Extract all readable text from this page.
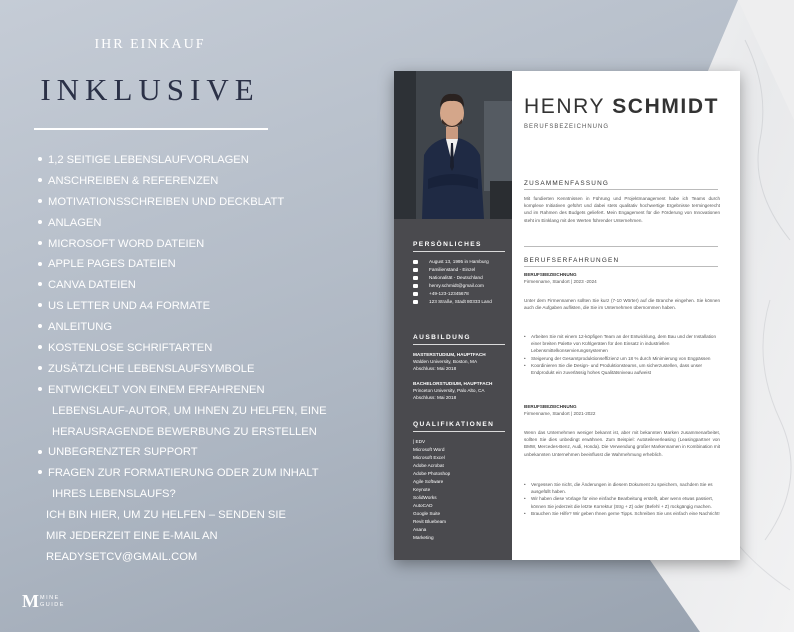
IHR EINKAUF
INKLUSIVE
1,2 SEITIGE LEBENSLAUFVORLAGEN
ANSCHREIBEN & REFERENZEN
MOTIVATIONSSCHREIBEN UND DECKBLATT
ANLAGEN
MICROSOFT WORD DATEIEN
APPLE PAGES DATEIEN
CANVA DATEIEN
US LETTER UND A4 FORMATE
ANLEITUNG
KOSTENLOSE SCHRIFTARTEN
ZUSÄTZLICHE LEBENSLAUFSYMBOLE
ENTWICKELT VON EINEM ERFAHRENEN
LEBENSLAUF-AUTOR, UM IHNEN ZU HELFEN, EINE
HERAUSRAGENDE BEWERBUNG ZU ERSTELLEN
UNBEGRENZTER SUPPORT
FRAGEN ZUR FORMATIERUNG ODER ZUM INHALT
IHRES LEBENSLAUFS?
ICH BIN HIER, UM ZU HELFEN – SENDEN SIE
MIR JEDERZEIT EINE E-MAIL AN
READYSETCV@GMAIL.COM
M MINE
GUIDE
PERSÖNLICHES
August 13, 1995 in Hamburg
Familienstand - Einzel
Nationalität - Deutschland
henry.schmidt@gmail.com
+49-123-12345678
123 Straße, Stadt 80333 Land
AUSBILDUNG
MASTERSTUDIUM, HAUPTFACH
Walden University, Boston, MA
Abschluss: Mai 2018
BACHELORSTUDIUM, HAUPTFACH
Princeton University, Palo Alto, CA
Abschluss: Mai 2018
QUALIFIKATIONEN
| EDV
Microsoft Word
Microsoft Excel
Adobe Acrobat
Adobe Photoshop
Agile Software
Keynote
SolidWorks
AutoCAD
Google Suite
Revit Bluebeam
Asana
Marketing
HENRY SCHMIDT
BERUFSBEZEICHNUNG
ZUSAMMENFASSUNG
Mit fundierten Kenntnissen in Führung und Projektmanagement habe ich Teams durch komplexe Initiativen geführt und dabei stets qualitativ hochwertige Ergebnisse termingerecht und im Rahmen des Budgets geliefert. Mein Engagement für die Förderung von Innovationen steht im Einklang mit den Werten führender Unternehmen.
BERUFSERFAHRUNGEN
BERUFSBEZEICHNUNG
Firmenname, Standort | 2023 -2024
Unter dem Firmennamen sollten Sie kurz (7-10 Wörter) auf die Branche eingehen. Sie können auch die Aufgaben auflisten, die Sie im Unternehmen übernommen haben.
• Arbeiten Sie mit einem 12-köpfigen Team an der Entwicklung, dem Bau und der Installation einer breiten Palette von Kühlgeräten für den Einsatz in industriellen Lebensmittelkonservierungssystemen
• Steigerung der Gesamtproduktionseffizienz um 18 % durch Minimierung von Engpässen
• Koordinieren Sie die Design- und Produktionsteams, um sicherzustellen, dass unser Endprodukt ein zuverlässig hohes Qualitätsniveau aufweist
BERUFSBEZEICHNUNG
Firmenname, Standort | 2021-2022
Wenn das Unternehmen weniger bekannt ist, aber mit bekannten Marken zusammenarbeitet, sollten Sie dies unbedingt erwähnen. Zum Beispiel: Autoteileverleasing (Leasingpartner von BMW, Mercedes-Benz, Audi, Honda). Die Verwendung großer Markennamen in Kombination mit unbekannten Unternehmen beeinflusst die Wahrnehmung erheblich.
• Vergessen Sie nicht, die Änderungen in diesem Dokument zu speichern, nachdem Sie es ausgefüllt haben.
• Wir haben diese Vorlage für eine einfache Bearbeitung erstellt, aber wenn etwas passiert, können Sie jederzeit die letzte Korrektur (Strg + Z) oder (Befehl + Z) rückgängig machen.
• Brauchen Sie Hilfe? Wir geben Ihnen gerne Tipps. Schreiben Sie uns einfach eine Nachricht!
